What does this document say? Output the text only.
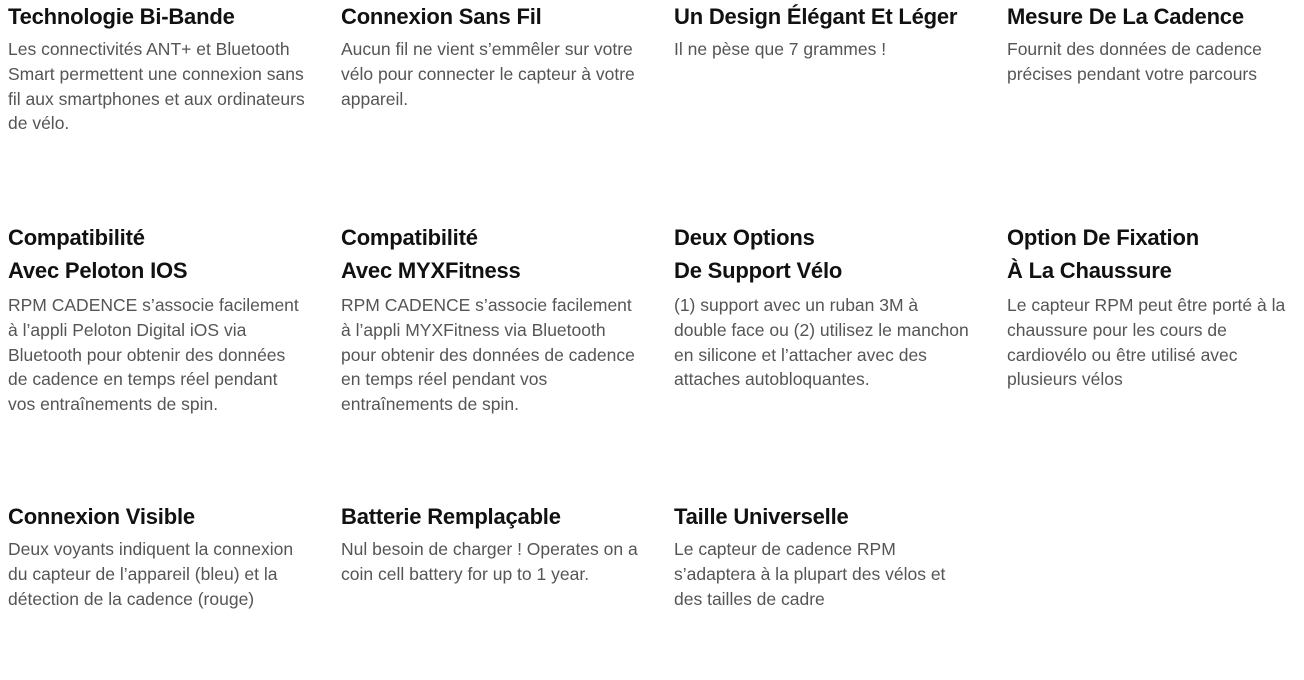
Technologie Bi-Bande

Les connectivités ANT+ et Bluetooth Smart permettent une connexion sans fil aux smartphones et aux ordinateurs de vélo.

Connexion Sans Fil

Aucun fil ne vient s’emmêler sur votre vélo pour connecter le capteur à votre appareil.

Un Design Élégant Et Léger

Il ne pèse que 7 grammes !

Mesure De La Cadence

Fournit des données de cadence précises pendant votre parcours

Compatibilité
Avec Peloton IOS

RPM CADENCE s’associe facilement à l’appli Peloton Digital iOS via Bluetooth pour obtenir des données de cadence en temps réel pendant vos entraînements de spin.

Compatibilité
Avec MYXFitness

RPM CADENCE s’associe facilement à l’appli MYXFitness via Bluetooth pour obtenir des données de cadence en temps réel pendant vos entraînements de spin.

Deux Options
De Support Vélo

(1) support avec un ruban 3M à double face ou (2) utilisez le manchon en silicone et l’attacher avec des attaches autobloquantes.

Option De Fixation
À La Chaussure

Le capteur RPM peut être porté à la chaussure pour les cours de cardiovélo ou être utilisé avec plusieurs vélos

Connexion Visible

Deux voyants indiquent la connexion du capteur de l’appareil (bleu) et la détection de la cadence (rouge)

Batterie Remplaçable

Nul besoin de charger ! Operates on a coin cell battery for up to 1 year.

Taille Universelle

Le capteur de cadence RPM s’adaptera à la plupart des vélos et des tailles de cadre
